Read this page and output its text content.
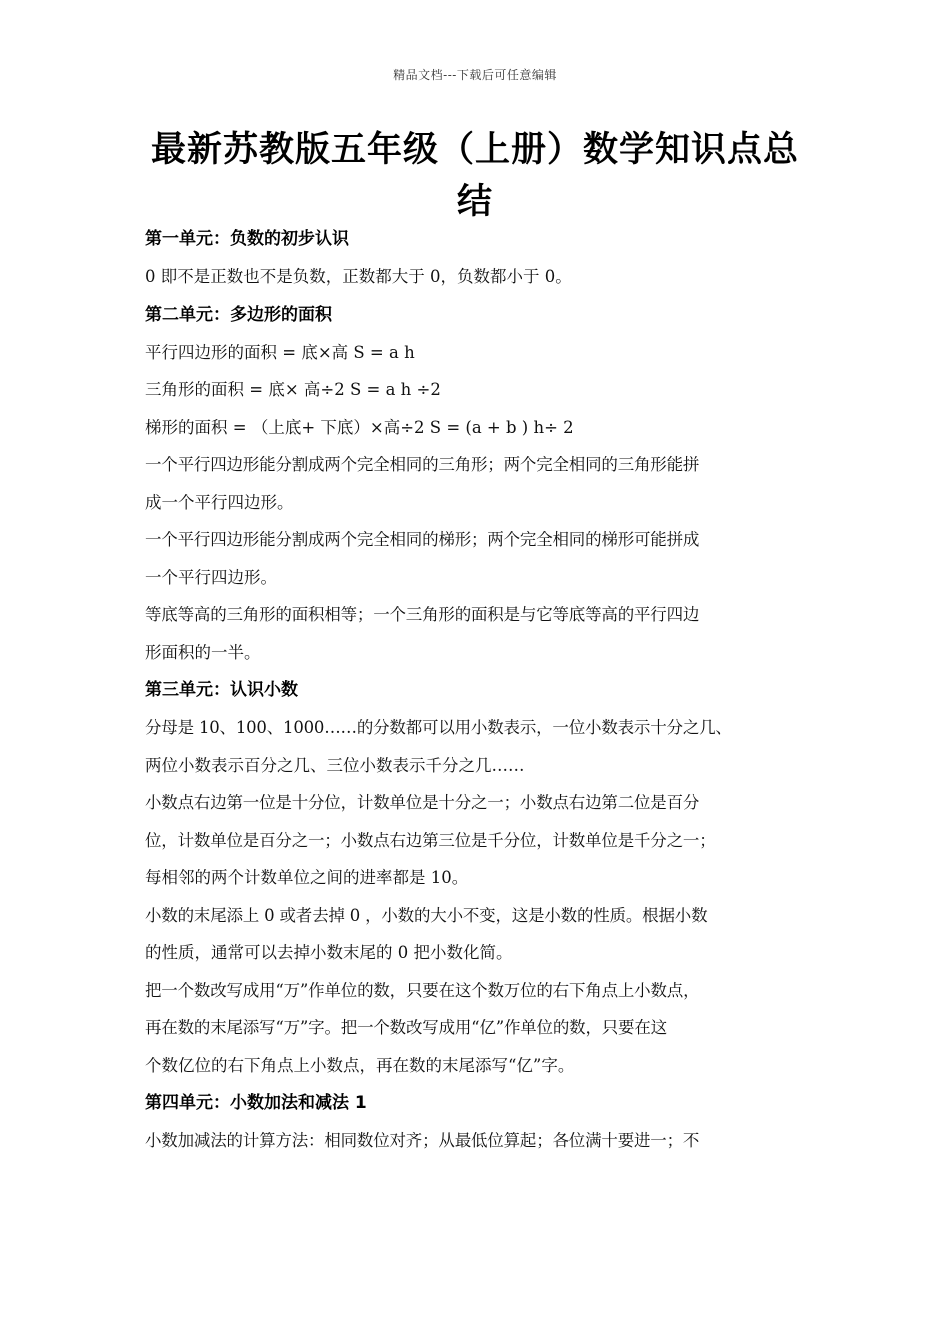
精品文档---下载后可任意编辑
最新苏教版五年级（上册）数学知识点总
结
第一单元：负数的初步认识
0 即不是正数也不是负数，正数都大于 0，负数都小于 0。
第二单元：多边形的面积
平行四边形的面积 = 底×高 S = a h
三角形的面积 = 底× 高÷2 S = a h ÷2
梯形的面积 = （上底+ 下底）×高÷2 S = (a + b ) h÷ 2
一个平行四边形能分割成两个完全相同的三角形；两个完全相同的三角形能拼
成一个平行四边形。
一个平行四边形能分割成两个完全相同的梯形；两个完全相同的梯形可能拼成
一个平行四边形。
等底等高的三角形的面积相等；一个三角形的面积是与它等底等高的平行四边
形面积的一半。
第三单元：认识小数
分母是 10、100、1000……的分数都可以用小数表示，一位小数表示十分之几、
两位小数表示百分之几、三位小数表示千分之几……
小数点右边第一位是十分位，计数单位是十分之一；小数点右边第二位是百分
位，计数单位是百分之一；小数点右边第三位是千分位，计数单位是千分之一；
每相邻的两个计数单位之间的进率都是 10。
小数的末尾添上 0 或者去掉 0 ，小数的大小不变，这是小数的性质。根据小数
的性质，通常可以去掉小数末尾的 0 把小数化简。
把一个数改写成用“万”作单位的数，只要在这个数万位的右下角点上小数点，
再在数的末尾添写“万”字。把一个数改写成用“亿”作单位的数，只要在这
个数亿位的右下角点上小数点，再在数的末尾添写“亿”字。
第四单元：小数加法和减法 1
小数加减法的计算方法：相同数位对齐；从最低位算起；各位满十要进一；不
